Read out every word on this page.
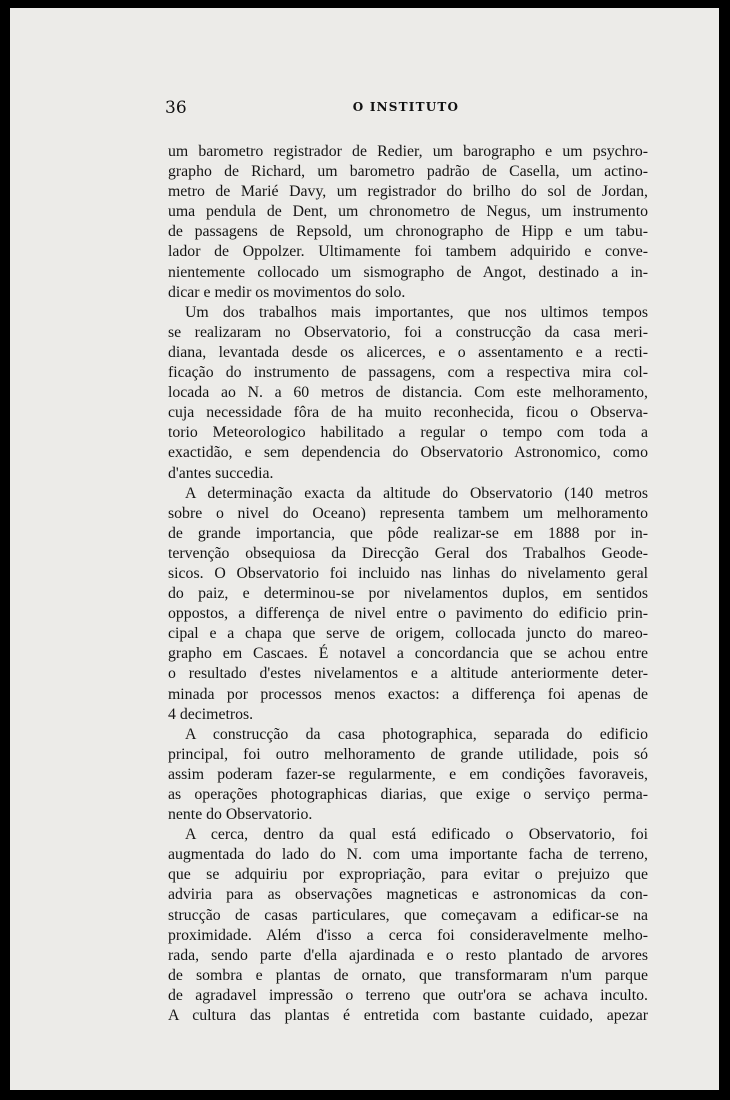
36	O INSTITUTO
um barometro registrador de Redier, um barographo e um psychro-
grapho de Richard, um barometro padrão de Casella, um actino-
metro de Marié Davy, um registrador do brilho do sol de Jordan,
uma pendula de Dent, um chronometro de Negus, um instrumento
de passagens de Repsold, um chronographo de Hipp e um tabu-
lador de Oppolzer. Ultimamente foi tambem adquirido e conve-
nientemente collocado um sismographo de Angot, destinado a in-
dicar e medir os movimentos do solo.
Um dos trabalhos mais importantes, que nos ultimos tempos
se realizaram no Observatorio, foi a construcção da casa meri-
diana, levantada desde os alicerces, e o assentamento e a recti-
ficação do instrumento de passagens, com a respectiva mira col-
locada ao N. a 60 metros de distancia. Com este melhoramento,
cuja necessidade fôra de ha muito reconhecida, ficou o Observa-
torio Meteorologico habilitado a regular o tempo com toda a
exactidão, e sem dependencia do Observatorio Astronomico, como
d'antes succedia.
A determinação exacta da altitude do Observatorio (140 metros
sobre o nivel do Oceano) representa tambem um melhoramento
de grande importancia, que pôde realizar-se em 1888 por in-
tervenção obsequiosa da Direcção Geral dos Trabalhos Geode-
sicos. O Observatorio foi incluido nas linhas do nivelamento geral
do paiz, e determinou-se por nivelamentos duplos, em sentidos
oppostos, a differença de nivel entre o pavimento do edificio prin-
cipal e a chapa que serve de origem, collocada juncto do mareo-
grapho em Cascaes. É notavel a concordancia que se achou entre
o resultado d'estes nivelamentos e a altitude anteriormente deter-
minada por processos menos exactos: a differença foi apenas de
4 decimetros.
A construcção da casa photographica, separada do edificio
principal, foi outro melhoramento de grande utilidade, pois só
assim poderam fazer-se regularmente, e em condições favoraveis,
as operações photographicas diarias, que exige o serviço perma-
nente do Observatorio.
A cerca, dentro da qual está edificado o Observatorio, foi
augmentada do lado do N. com uma importante facha de terreno,
que se adquiriu por expropriação, para evitar o prejuizo que
adviria para as observações magneticas e astronomicas da con-
strucção de casas particulares, que começavam a edificar-se na
proximidade. Além d'isso a cerca foi consideravelmente melho-
rada, sendo parte d'ella ajardinada e o resto plantado de arvores
de sombra e plantas de ornato, que transformaram n'um parque
de agradavel impressão o terreno que outr'ora se achava inculto.
A cultura das plantas é entretida com bastante cuidado, apezar
